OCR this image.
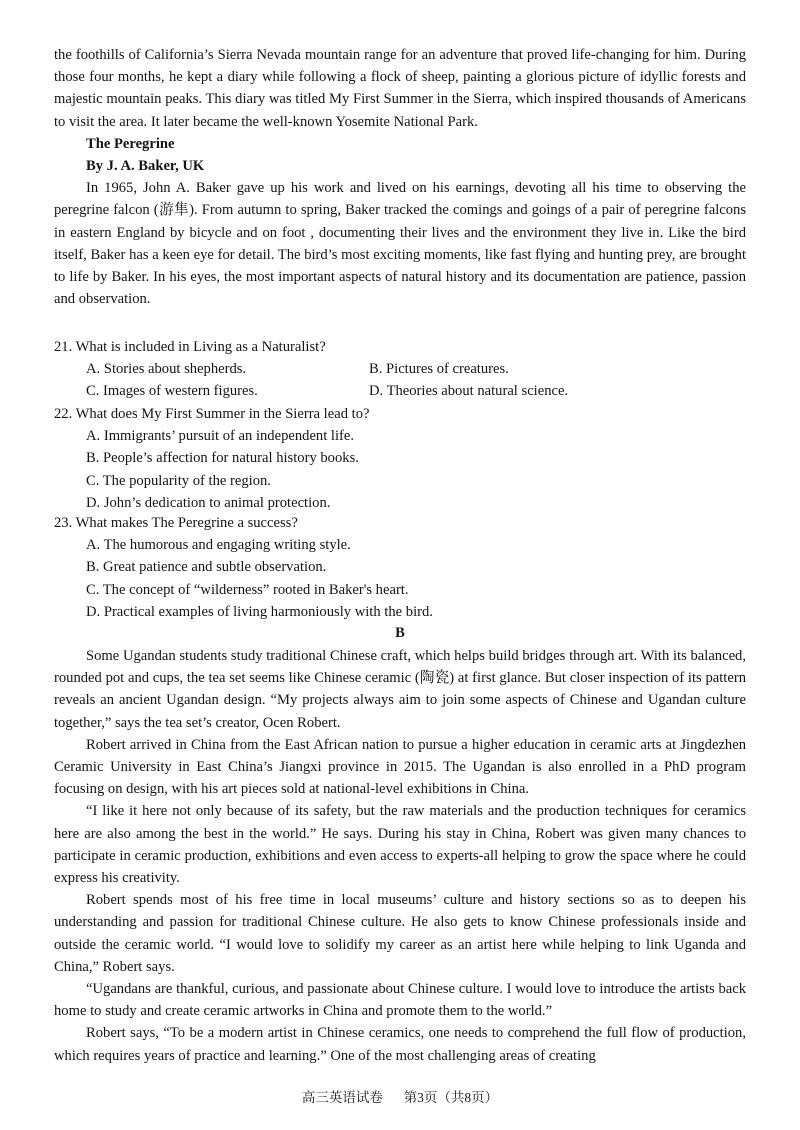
the foothills of California’s Sierra Nevada mountain range for an adventure that proved life-changing for him. During those four months, he kept a diary while following a flock of sheep, painting a glorious picture of idyllic forests and majestic mountain peaks. This diary was titled My First Summer in the Sierra, which inspired thousands of Americans to visit the area. It later became the well-known Yosemite National Park.

The Peregrine

By J. A. Baker, UK

In 1965, John A. Baker gave up his work and lived on his earnings, devoting all his time to observing the peregrine falcon (游隼). From autumn to spring, Baker tracked the comings and goings of a pair of peregrine falcons in eastern England by bicycle and on foot , documenting their lives and the environment they live in. Like the bird itself, Baker has a keen eye for detail. The bird’s most exciting moments, like fast flying and hunting prey, are brought to life by Baker. In his eyes, the most important aspects of natural history and its documentation are patience, passion and observation.

21. What is included in Living as a Naturalist?

A. Stories about shepherds.	B. Pictures of creatures.
C. Images of western figures.	D. Theories about natural science.

22. What does My First Summer in the Sierra lead to?

A. Immigrants’ pursuit of an independent life.

B. People’s affection for natural history books.

C. The popularity of the region.

D. John’s dedication to animal protection.

23. What makes The Peregrine a success?

A. The humorous and engaging writing style.

B. Great patience and subtle observation.

C. The concept of “wilderness” rooted in Baker's heart.

D. Practical examples of living harmoniously with the bird.

B

Some Ugandan students study traditional Chinese craft, which helps build bridges through art. With its balanced, rounded pot and cups, the tea set seems like Chinese ceramic (陶瓷) at first glance. But closer inspection of its pattern reveals an ancient Ugandan design. “My projects always aim to join some aspects of Chinese and Ugandan culture together,” says the tea set’s creator, Ocen Robert.

Robert arrived in China from the East African nation to pursue a higher education in ceramic arts at Jingdezhen Ceramic University in East China’s Jiangxi province in 2015. The Ugandan is also enrolled in a PhD program focusing on design, with his art pieces sold at national-level exhibitions in China.

“I like it here not only because of its safety, but the raw materials and the production techniques for ceramics here are also among the best in the world.” He says. During his stay in China, Robert was given many chances to participate in ceramic production, exhibitions and even access to experts-all helping to grow the space where he could express his creativity.

Robert spends most of his free time in local museums’ culture and history sections so as to deepen his understanding and passion for traditional Chinese culture. He also gets to know Chinese professionals inside and outside the ceramic world. “I would love to solidify my career as an artist here while helping to link Uganda and China,” Robert says.

“Ugandans are thankful, curious, and passionate about Chinese culture. I would love to introduce the artists back home to study and create ceramic artworks in China and promote them to the world.”

Robert says, “To be a modern artist in Chinese ceramics, one needs to comprehend the full flow of production, which requires years of practice and learning.” One of the most challenging areas of creating

高三英语试卷 第3页（共8页）
